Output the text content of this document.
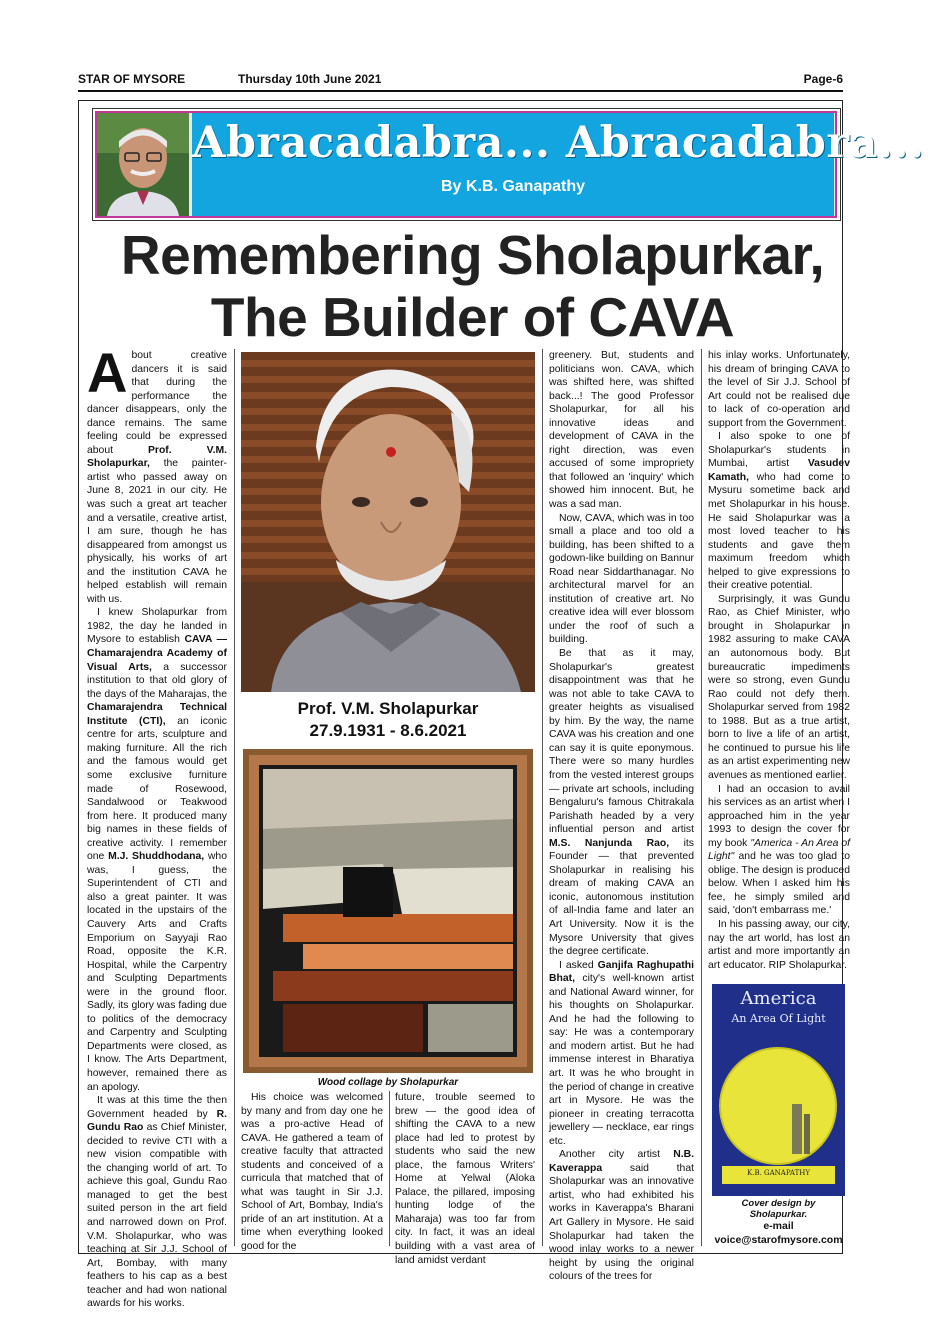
STAR OF MYSORE	Thursday 10th June 2021	Page-6
Abracadabra... Abracadabra...
By K.B. Ganapathy
Remembering Sholapurkar,
The Builder of CAVA

About creative dancers it is said that during the performance the dancer disappears, only the dance remains. The same feeling could be expressed about Prof. V.M. Sholapurkar, the painter-artist who passed away on June 8, 2021 in our city. He was such a great art teacher and a versatile, creative artist, I am sure, though he has disappeared from amongst us physically, his works of art and the institution CAVA he helped establish will remain with us.

I knew Sholapurkar from 1982, the day he landed in Mysore to establish CAVA — Chamarajendra Academy of Visual Arts, a successor institution to that old glory of the days of the Maharajas, the Chamarajendra Technical Institute (CTI), an iconic centre for arts, sculpture and making furniture. All the rich and the famous would get some exclusive furniture made of Rosewood, Sandalwood or Teakwood from here. It produced many big names in these fields of creative activity. I remember one M.J. Shuddhodana, who was, I guess, the Superintendent of CTI and also a great painter. It was located in the upstairs of the Cauvery Arts and Crafts Emporium on Sayyaji Rao Road, opposite the K.R. Hospital, while the Carpentry and Sculpting Departments were in the ground floor. Sadly, its glory was fading due to politics of the democracy and Carpentry and Sculpting Departments were closed, as I know. The Arts Department, however, remained there as an apology.

It was at this time the then Government headed by R. Gundu Rao as Chief Minister, decided to revive CTI with a new vision compatible with the changing world of art. To achieve this goal, Gundu Rao managed to get the best suited person in the art field and narrowed down on Prof. V.M. Sholapurkar, who was teaching at Sir J.J. School of Art, Bombay, with many feathers to his cap as a best teacher and had won national awards for his works.

Prof. V.M. Sholapurkar
27.9.1931 - 8.6.2021
Wood collage by Sholapurkar

His choice was welcomed by many and from day one he was a pro-active Head of CAVA. He gathered a team of creative faculty that attracted students and conceived of a curricula that matched that of what was taught in Sir J.J. School of Art, Bombay, India's pride of an art institution. At a time when everything looked good for the

future, trouble seemed to brew — the good idea of shifting the CAVA to a new place had led to protest by students who said the new place, the famous Writers' Home at Yelwal (Aloka Palace, the pillared, imposing hunting lodge of the Maharaja) was too far from city. In fact, it was an ideal building with a vast area of land amidst verdant

greenery. But, students and politicians won. CAVA, which was shifted here, was shifted back...! The good Professor Sholapurkar, for all his innovative ideas and development of CAVA in the right direction, was even accused of some impropriety that followed an 'inquiry' which showed him innocent. But, he was a sad man.

Now, CAVA, which was in too small a place and too old a building, has been shifted to a godown-like building on Bannur Road near Siddarthanagar. No architectural marvel for an institution of creative art. No creative idea will ever blossom under the roof of such a building.

Be that as it may, Sholapurkar's greatest disappointment was that he was not able to take CAVA to greater heights as visualised by him. By the way, the name CAVA was his creation and one can say it is quite eponymous. There were so many hurdles from the vested interest groups — private art schools, including Bengaluru's famous Chitrakala Parishath headed by a very influential person and artist M.S. Nanjunda Rao, its Founder — that prevented Sholapurkar in realising his dream of making CAVA an iconic, autonomous institution of all-India fame and later an Art University. Now it is the Mysore University that gives the degree certificate.

I asked Ganjifa Raghupathi Bhat, city's well-known artist and National Award winner, for his thoughts on Sholapurkar. And he had the following to say: He was a contemporary and modern artist. But he had immense interest in Bharatiya art. It was he who brought in the period of change in creative art in Mysore. He was the pioneer in creating terracotta jewellery — necklace, ear rings etc.

Another city artist N.B. Kaverappa said that Sholapurkar was an innovative artist, who had exhibited his works in Kaverappa's Bharani Art Gallery in Mysore. He said Sholapurkar had taken the wood inlay works to a newer height by using the original colours of the trees for

his inlay works. Unfortunately, his dream of bringing CAVA to the level of Sir J.J. School of Art could not be realised due to lack of co-operation and support from the Government.

I also spoke to one of Sholapurkar's students in Mumbai, artist Vasudev Kamath, who had come to Mysuru sometime back and met Sholapurkar in his house. He said Sholapurkar was a most loved teacher to his students and gave them maximum freedom which helped to give expressions to their creative potential.

Surprisingly, it was Gundu Rao, as Chief Minister, who brought in Sholapurkar in 1982 assuring to make CAVA an autonomous body. But bureaucratic impediments were so strong, even Gundu Rao could not defy them. Sholapurkar served from 1982 to 1988. But as a true artist, born to live a life of an artist, he continued to pursue his life as an artist experimenting new avenues as mentioned earlier.

I had an occasion to avail his services as an artist when I approached him in the year 1993 to design the cover for my book "America - An Area of Light" and he was too glad to oblige. The design is produced below. When I asked him his fee, he simply smiled and said, 'don't embarrass me.'

In his passing away, our city, nay the art world, has lost an artist and more importantly an art educator. RIP Sholapurkar.

America
An Area Of Light
K.B. GANAPATHY
Cover design by Sholapurkar.
e-mail
voice@starofmysore.com
